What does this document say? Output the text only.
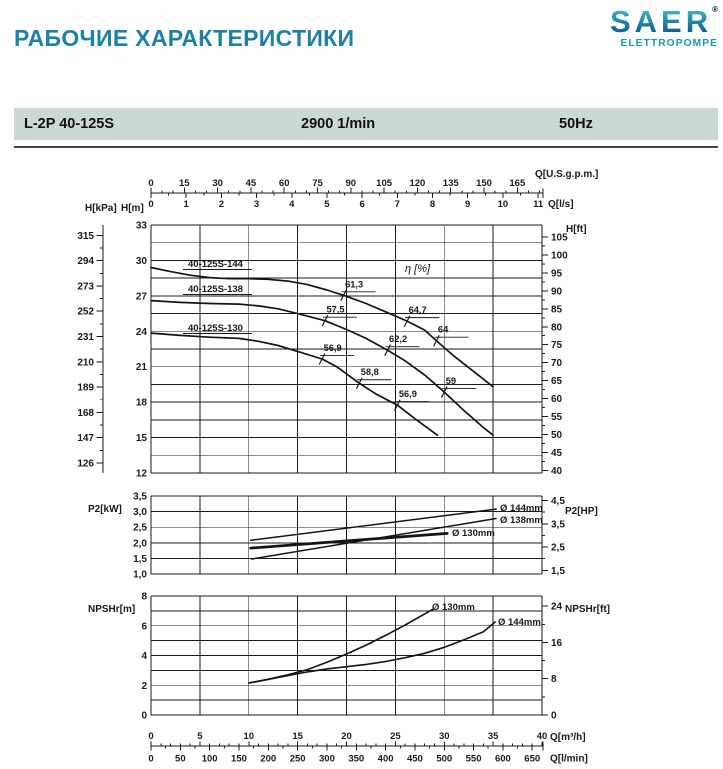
РАБОЧИЕ ХАРАКТЕРИСТИКИ	SAER®
ELETTROPOMPE
L-2P 40-125S	2900 1/min	50Hz
0	15 30 45 60 75 90 105 120 135 150 165
0	1	2	3	4	5	6	7	8	9	10	11
Q[U.S.g.p.m.]
Q[l/s]
33
30
27
24
21
18
15
12
H[m]
315
294
273
252
231
210
189
168
147
126
H[kPa]
40
45
50
55
60
65
70
75
80
85
90
95
100
105
H[ft]
40-125S-144
40-125S-138
40-125S-130
61,3
64,7
64
57,5
62,2
59
56,9
58,8
56,9
η [%]
3,5
3,0
2,5
2,0
1,5
1,0
P2[kW]
4,5
3,5
2,5
1,5
P2[HP]
Ø 144mm
Ø 138mm
Ø 130mm
8
6
4
2
0
NPSHr[m]	24
16
8
0
NPSHr[ft]
Ø 130mm
Ø 144mm
0	5	10	15	20	25	30	35	40
0 50 100 150 200 250 300 350 400 450 500 550 600 650
Q[m³/h]
Q[l/min]
